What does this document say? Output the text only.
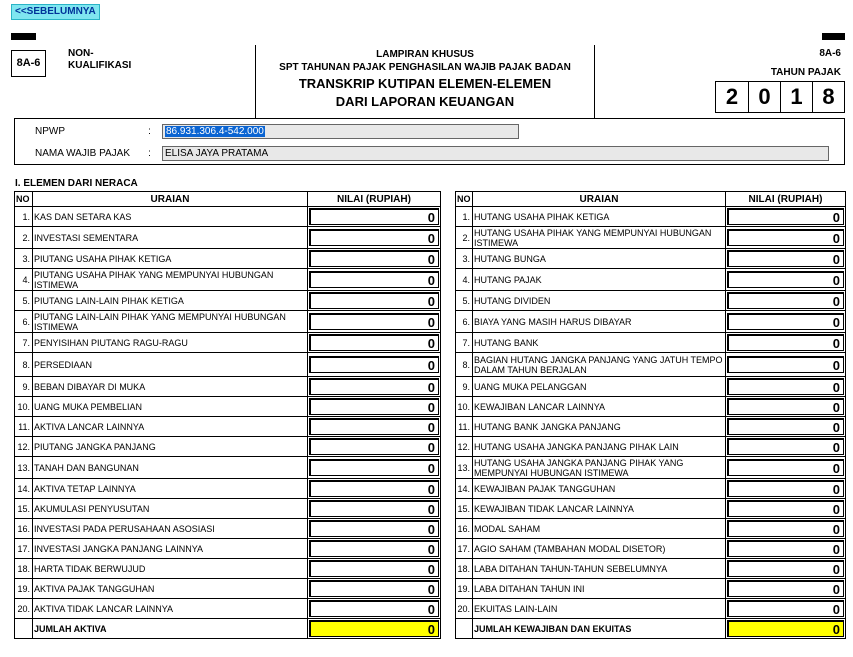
<<SEBELUMNYA
8A-6
NON-
KUALIFIKASI
LAMPIRAN KHUSUS
SPT TAHUNAN PAJAK PENGHASILAN WAJIB PAJAK BADAN
TRANSKRIP KUTIPAN ELEMEN-ELEMEN
DARI LAPORAN KEUANGAN
8A-6
TAHUN PAJAK
2 0 1 8
NPWP	:	86.931.306.4-542.000
NAMA WAJIB PAJAK	:	ELISA JAYA PRATAMA
I. ELEMEN DARI NERACA
NO	URAIAN	NILAI (RUPIAH)
1.	KAS DAN SETARA KAS	0

2.	INVESTASI SEMENTARA	0

3.	PIUTANG USAHA PIHAK KETIGA	0

4.	PIUTANG USAHA PIHAK YANG MEMPUNYAI HUBUNGAN ISTIMEWA	0

5.	PIUTANG LAIN-LAIN PIHAK KETIGA	0

6.	PIUTANG LAIN-LAIN PIHAK YANG MEMPUNYAI HUBUNGAN ISTIMEWA	0

7.	PENYISIHAN PIUTANG RAGU-RAGU	0

8.	PERSEDIAAN	0

9.	BEBAN DIBAYAR DI MUKA	0

10.	UANG MUKA PEMBELIAN	0

11.	AKTIVA LANCAR LAINNYA	0

12.	PIUTANG JANGKA PANJANG	0

13.	TANAH DAN BANGUNAN	0

14.	AKTIVA TETAP LAINNYA	0

15.	AKUMULASI PENYUSUTAN	0

16.	INVESTASI PADA PERUSAHAAN ASOSIASI	0

17.	INVESTASI JANGKA PANJANG LAINNYA	0

18.	HARTA TIDAK BERWUJUD	0

19.	AKTIVA PAJAK TANGGUHAN	0

20.	AKTIVA TIDAK LANCAR LAINNYA	0

	JUMLAH AKTIVA	0
NO	URAIAN	NILAI (RUPIAH)
1.	HUTANG USAHA PIHAK KETIGA	0

2.	HUTANG USAHA PIHAK YANG MEMPUNYAI HUBUNGAN ISTIMEWA	0

3.	HUTANG BUNGA	0

4.	HUTANG PAJAK	0

5.	HUTANG DIVIDEN	0

6.	BIAYA YANG MASIH HARUS DIBAYAR	0

7.	HUTANG BANK	0

8.	BAGIAN HUTANG JANGKA PANJANG YANG JATUH TEMPO DALAM TAHUN BERJALAN	0

9.	UANG MUKA PELANGGAN	0

10.	KEWAJIBAN LANCAR LAINNYA	0

11.	HUTANG BANK JANGKA PANJANG	0

12.	HUTANG USAHA JANGKA PANJANG PIHAK LAIN	0

13.	HUTANG USAHA JANGKA PANJANG PIHAK YANG MEMPUNYAI HUBUNGAN ISTIMEWA	0

14.	KEWAJIBAN PAJAK TANGGUHAN	0

15.	KEWAJIBAN TIDAK LANCAR LAINNYA	0

16.	MODAL SAHAM	0

17.	AGIO SAHAM (TAMBAHAN MODAL DISETOR)	0

18.	LABA DITAHAN TAHUN-TAHUN SEBELUMNYA	0

19.	LABA DITAHAN TAHUN INI	0

20.	EKUITAS LAIN-LAIN	0

	JUMLAH KEWAJIBAN DAN EKUITAS	0
